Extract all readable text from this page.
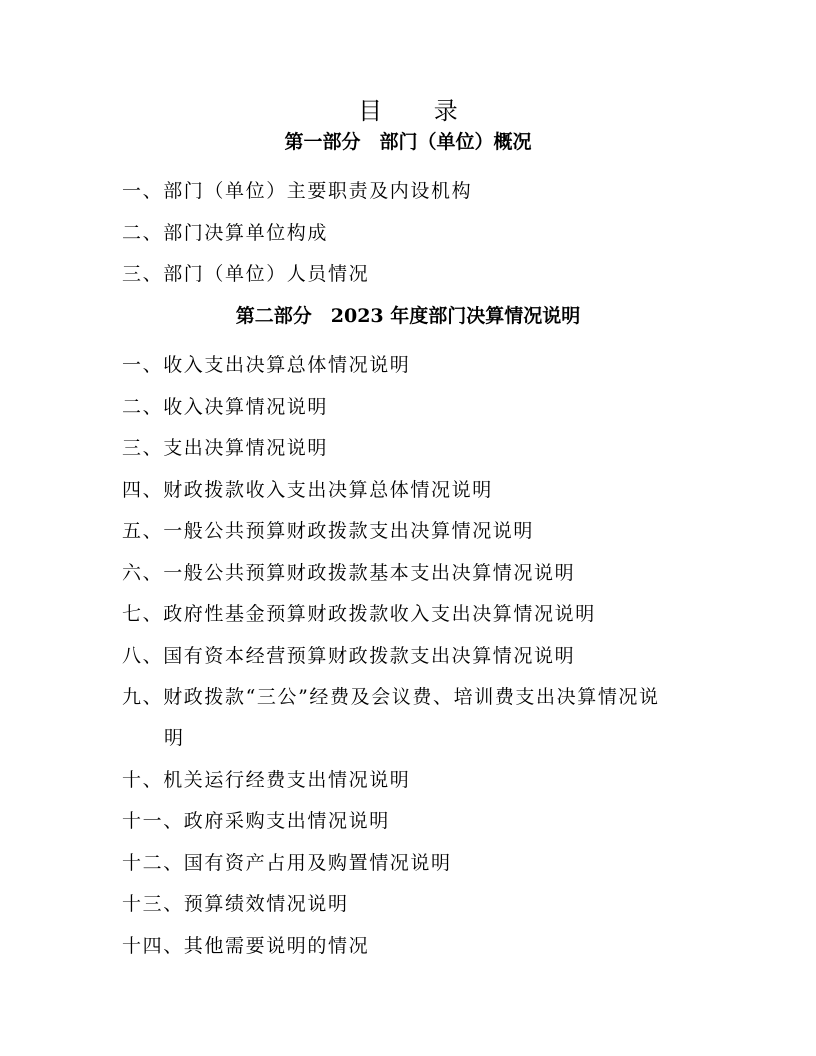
目 录
第一部分　部门（单位）概况
一、部门（单位）主要职责及内设机构
二、部门决算单位构成
三、部门（单位）人员情况
第二部分　2023 年度部门决算情况说明
一、收入支出决算总体情况说明
二、收入决算情况说明
三、支出决算情况说明
四、财政拨款收入支出决算总体情况说明
五、一般公共预算财政拨款支出决算情况说明
六、一般公共预算财政拨款基本支出决算情况说明
七、政府性基金预算财政拨款收入支出决算情况说明
八、国有资本经营预算财政拨款支出决算情况说明
九、财政拨款“三公”经费及会议费、培训费支出决算情况说
明
十、机关运行经费支出情况说明
十一、政府采购支出情况说明
十二、国有资产占用及购置情况说明
十三、预算绩效情况说明
十四、其他需要说明的情况
